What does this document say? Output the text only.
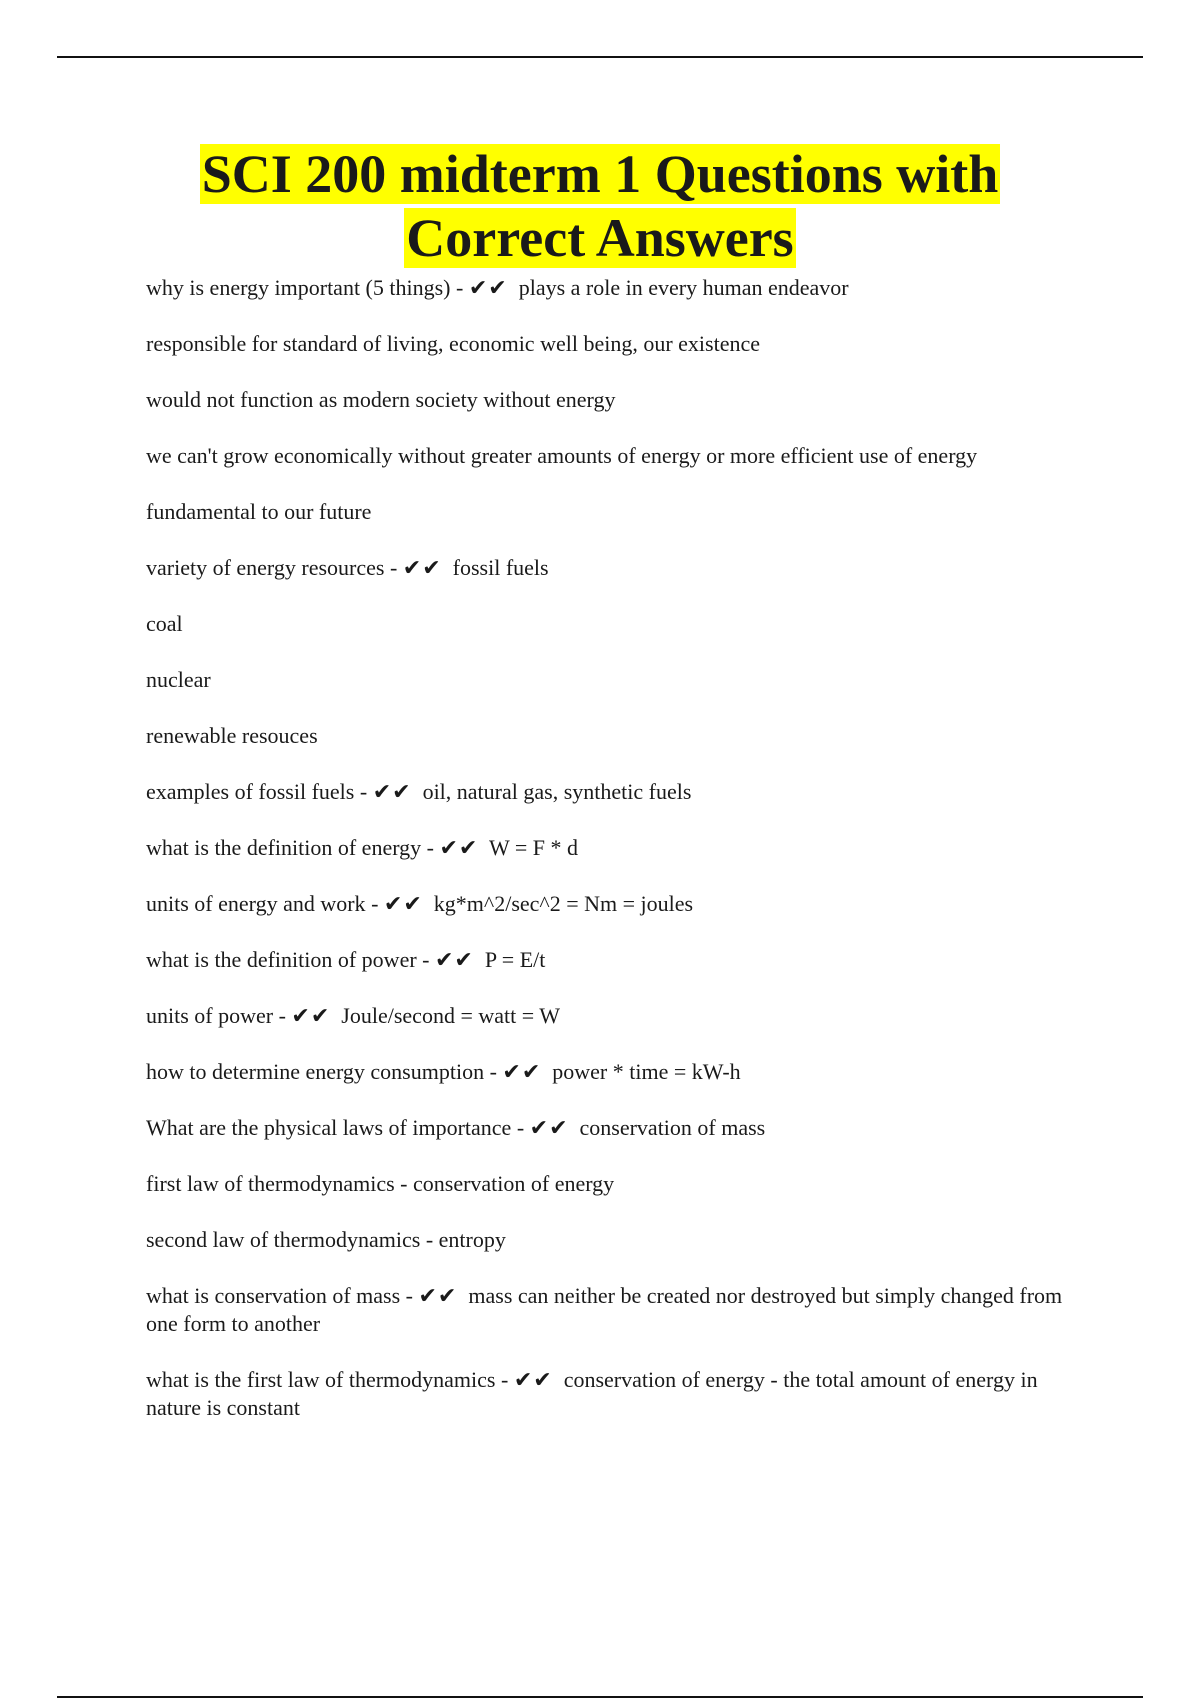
SCI 200 midterm 1 Questions with
Correct Answers

why is energy important (5 things) - ✔✔ plays a role in every human endeavor

responsible for standard of living, economic well being, our existence

would not function as modern society without energy

we can't grow economically without greater amounts of energy or more efficient use of energy

fundamental to our future

variety of energy resources - ✔✔ fossil fuels

coal

nuclear

renewable resouces

examples of fossil fuels - ✔✔ oil, natural gas, synthetic fuels

what is the definition of energy - ✔✔ W = F * d

units of energy and work - ✔✔ kg*m^2/sec^2 = Nm = joules

what is the definition of power - ✔✔ P = E/t

units of power - ✔✔ Joule/second = watt = W

how to determine energy consumption - ✔✔ power * time = kW-h

What are the physical laws of importance - ✔✔ conservation of mass

first law of thermodynamics - conservation of energy

second law of thermodynamics - entropy

what is conservation of mass - ✔✔ mass can neither be created nor destroyed but simply changed from one form to another

what is the first law of thermodynamics - ✔✔ conservation of energy - the total amount of energy in nature is constant
